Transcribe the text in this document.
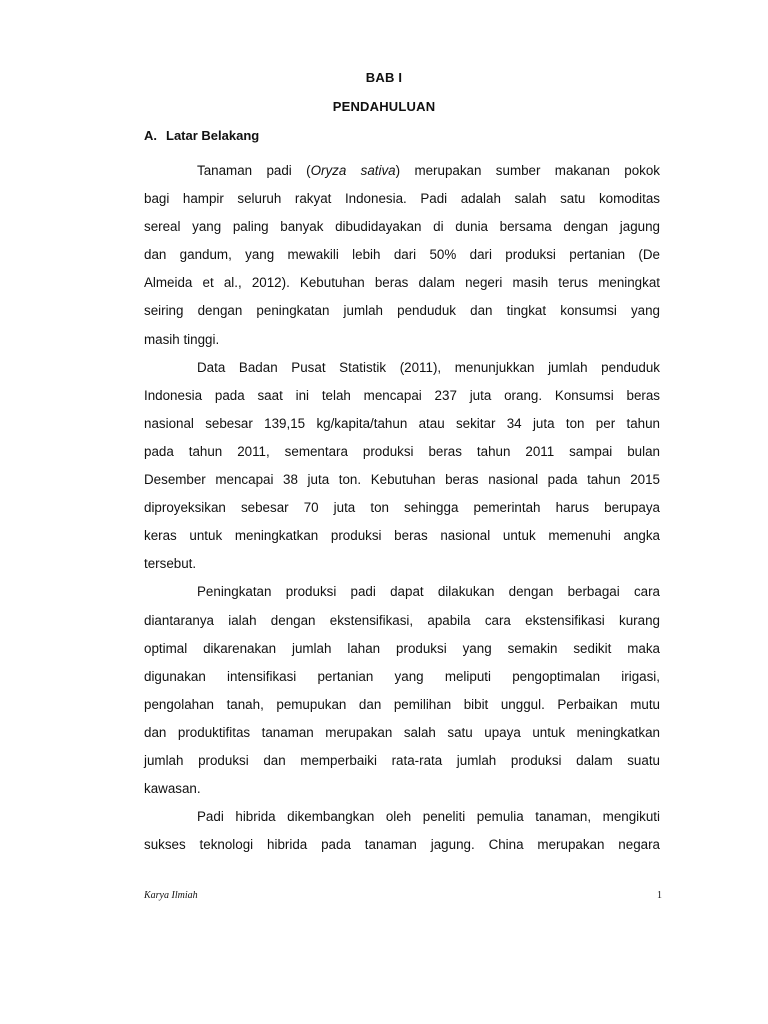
BAB I
PENDAHULUAN
A. Latar Belakang
Tanaman padi (Oryza sativa) merupakan sumber makanan pokok
bagi hampir seluruh rakyat Indonesia. Padi adalah salah satu komoditas
sereal yang paling banyak dibudidayakan di dunia bersama dengan jagung
dan gandum, yang mewakili lebih dari 50% dari produksi pertanian (De
Almeida et al., 2012). Kebutuhan beras dalam negeri masih terus meningkat
seiring dengan peningkatan jumlah penduduk dan tingkat konsumsi yang
masih tinggi.
Data Badan Pusat Statistik (2011), menunjukkan jumlah penduduk
Indonesia pada saat ini telah mencapai 237 juta orang. Konsumsi beras
nasional sebesar 139,15 kg/kapita/tahun atau sekitar 34 juta ton per tahun
pada tahun 2011, sementara produksi beras tahun 2011 sampai bulan
Desember mencapai 38 juta ton. Kebutuhan beras nasional pada tahun 2015
diproyeksikan sebesar 70 juta ton sehingga pemerintah harus berupaya
keras untuk meningkatkan produksi beras nasional untuk memenuhi angka
tersebut.
Peningkatan produksi padi dapat dilakukan dengan berbagai cara
diantaranya ialah dengan ekstensifikasi, apabila cara ekstensifikasi kurang
optimal dikarenakan jumlah lahan produksi yang semakin sedikit maka
digunakan intensifikasi pertanian yang meliputi pengoptimalan irigasi,
pengolahan tanah, pemupukan dan pemilihan bibit unggul. Perbaikan mutu
dan produktifitas tanaman merupakan salah satu upaya untuk meningkatkan
jumlah produksi dan memperbaiki rata-rata jumlah produksi dalam suatu
kawasan.
Padi hibrida dikembangkan oleh peneliti pemulia tanaman, mengikuti
sukses teknologi hibrida pada tanaman jagung. China merupakan negara
Karya Ilmiah	1
